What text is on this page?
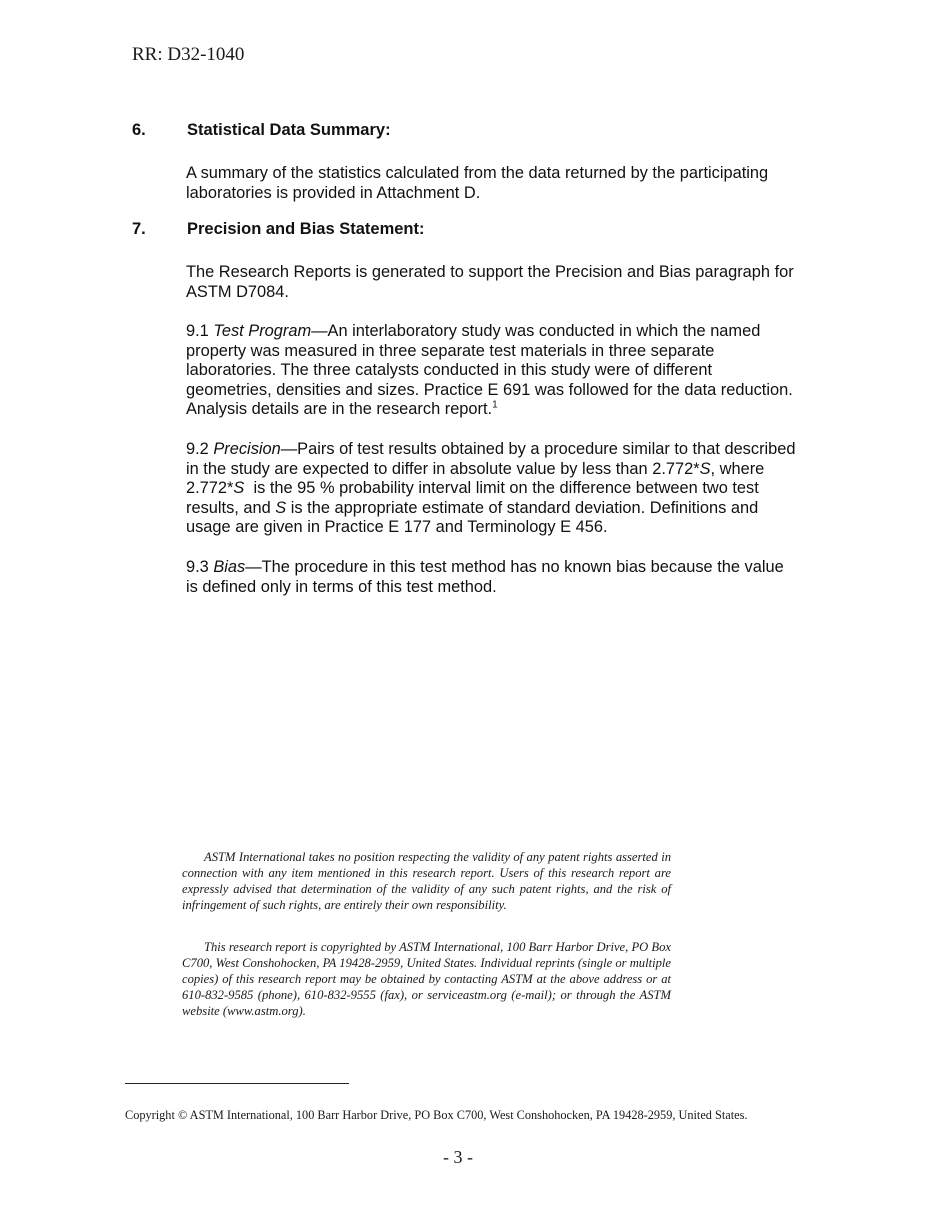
RR: D32-1040
6. Statistical Data Summary:
A summary of the statistics calculated from the data returned by the participating laboratories is provided in Attachment D.
7. Precision and Bias Statement:
The Research Reports is generated to support the Precision and Bias paragraph for ASTM D7084.
9.1 Test Program—An interlaboratory study was conducted in which the named property was measured in three separate test materials in three separate laboratories. The three catalysts conducted in this study were of different geometries, densities and sizes. Practice E 691 was followed for the data reduction. Analysis details are in the research report.$^1$
9.2 Precision—Pairs of test results obtained by a procedure similar to that described in the study are expected to differ in absolute value by less than 2.772*S, where 2.772*S  is the 95 % probability interval limit on the difference between two test results, and S is the appropriate estimate of standard deviation. Definitions and usage are given in Practice E 177 and Terminology E 456.
9.3 Bias—The procedure in this test method has no known bias because the value is defined only in terms of this test method.
ASTM International takes no position respecting the validity of any patent rights asserted in connection with any item mentioned in this research report. Users of this research report are expressly advised that determination of the validity of any such patent rights, and the risk of infringement of such rights, are entirely their own responsibility.
This research report is copyrighted by ASTM International, 100 Barr Harbor Drive, PO Box C700, West Conshohocken, PA 19428-2959, United States. Individual reprints (single or multiple copies) of this research report may be obtained by contacting ASTM at the above address or at 610-832-9585 (phone), 610-832-9555 (fax), or serviceastm.org (e-mail); or through the ASTM website (www.astm.org).
Copyright © ASTM International, 100 Barr Harbor Drive, PO Box C700, West Conshohocken, PA 19428-2959, United States.
- 3 -
